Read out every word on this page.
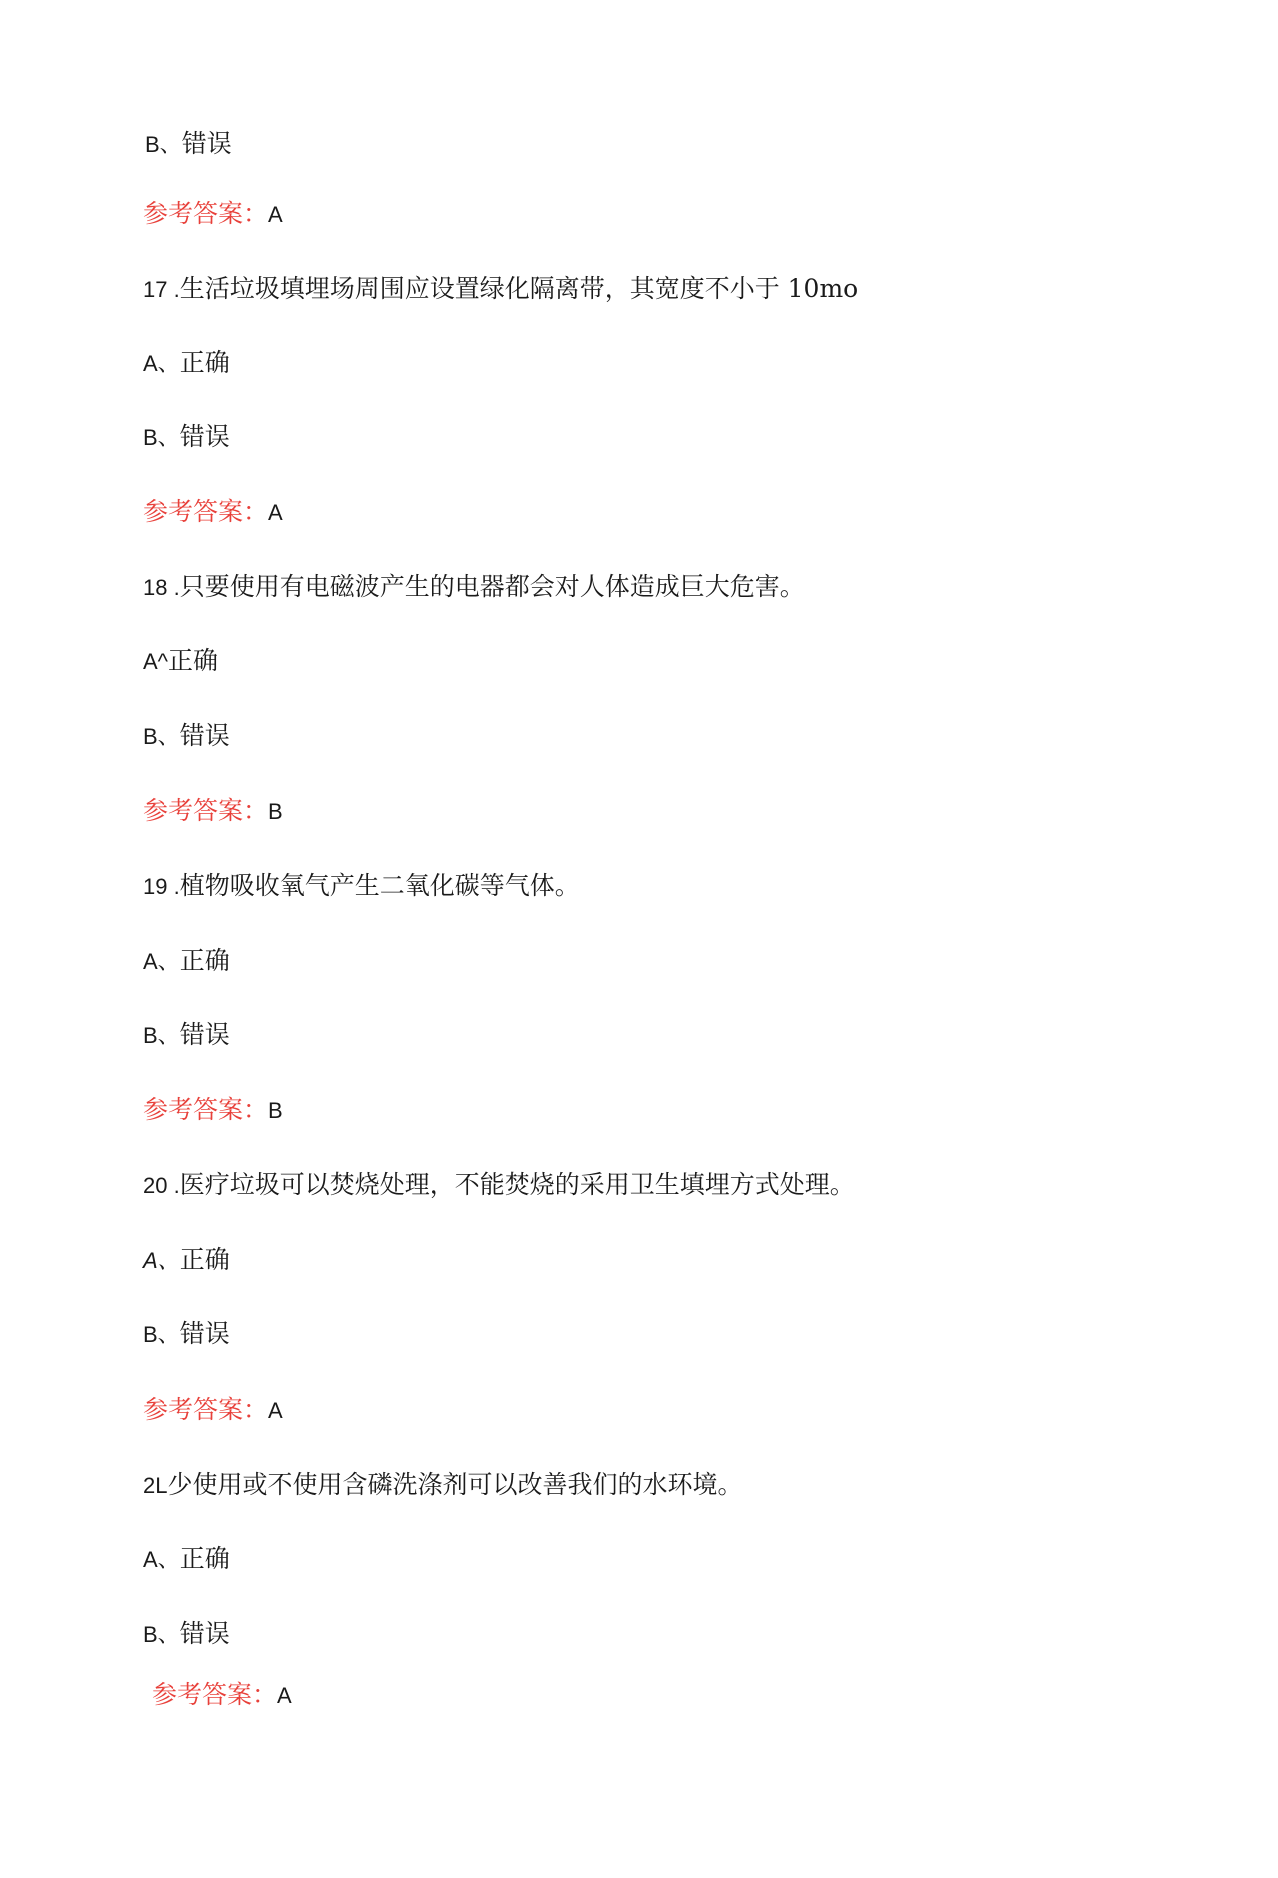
B、错误
参考答案：A
17 .生活垃圾填埋场周围应设置绿化隔离带，其宽度不小于 10mo
A、正确
B、错误
参考答案：A
18 .只要使用有电磁波产生的电器都会对人体造成巨大危害。
A^正确
B、错误
参考答案：B
19 .植物吸收氧气产生二氧化碳等气体。
A、正确
B、错误
参考答案：B
20 .医疗垃圾可以焚烧处理，不能焚烧的采用卫生填埋方式处理。
A、正确
B、错误
参考答案：A
2L少使用或不使用含磷洗涤剂可以改善我们的水环境。
A、正确
B、错误
参考答案：A
